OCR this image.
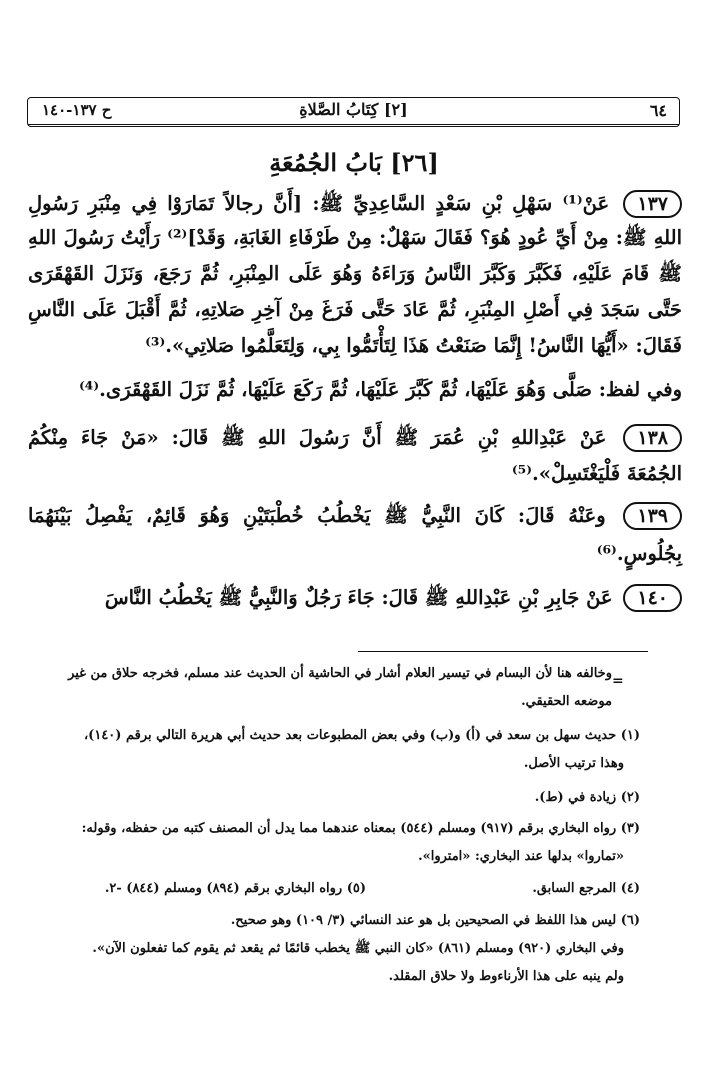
٦٤
[٢] كِتَابُ الصَّلاةِ
ح ١٣٧-١٤٠
[٢٦] بَابُ الجُمُعَةِ
١٣٧ عَنْ⁽¹⁾ سَهْلِ بْنِ سَعْدٍ السَّاعِدِيِّ ﷺ: [أَنَّ رجالاً تَمَارَوْا فِي مِنْبَرِ رَسُولِ
اللهِ ﷺ: مِنْ أَيِّ عُودٍ هُوَ؟ فَقَالَ سَهْلٌ: مِنْ طَرْفَاءِ الغَابَةِ، وَقَدْ]⁽²⁾ رَأَيْتُ رَسُولَ اللهِ
ﷺ قَامَ عَلَيْهِ، فَكَبَّرَ وَكَبَّرَ النَّاسُ وَرَاءَهُ وَهُوَ عَلَى المِنْبَرِ، ثُمَّ رَجَعَ، وَنَزَلَ القَهْقَرَى
حَتَّى سَجَدَ فِي أَصْلِ المِنْبَرِ، ثُمَّ عَادَ حَتَّى فَرَغَ مِنْ آخِرِ صَلاتِهِ، ثُمَّ أَقْبَلَ عَلَى النَّاسِ
فَقَالَ: «أَيُّهَا النَّاسُ! إِنَّمَا صَنَعْتُ هَذَا لِتَأْتَمُّوا بِي، وَلِتَعَلَّمُوا صَلاتِي».⁽³⁾
وفي لفظ: صَلَّى وَهُوَ عَلَيْهَا، ثُمَّ كَبَّرَ عَلَيْهَا، ثُمَّ رَكَعَ عَلَيْهَا، ثُمَّ نَزَلَ القَهْقَرَى.⁽⁴⁾
١٣٨ عَنْ عَبْدِاللهِ بْنِ عُمَرَ ﷺ أَنَّ رَسُولَ اللهِ ﷺ قَالَ: «مَنْ جَاءَ مِنْكُمُ
الجُمُعَةَ فَلْيَغْتَسِلْ».⁽⁵⁾
١٣٩ وعَنْهُ قَالَ: كَانَ النَّبِيُّ ﷺ يَخْطُبُ خُطْبَتَيْنِ وَهُوَ قَائِمٌ، يَفْصِلُ بَيْنَهُمَا
بِجُلُوسٍ.⁽⁶⁾
١٤٠ عَنْ جَابِرِ بْنِ عَبْدِاللهِ ﷺ قَالَ: جَاءَ رَجُلٌ وَالنَّبِيُّ ﷺ يَخْطُبُ النَّاسَ
=
وخالفه هنا لأن البسام في تيسير العلام أشار في الحاشية أن الحديث عند مسلم، فخرجه حلاق من غير
موضعه الحقيقي.
(١) حديث سهل بن سعد في (أ) و(ب) وفي بعض المطبوعات بعد حديث أبي هريرة التالي برقم (١٤٠)،
وهذا ترتيب الأصل.
(٢) زيادة في (ط).
(٣) رواه البخاري برقم (٩١٧) ومسلم (٥٤٤) بمعناه عندهما مما يدل أن المصنف كتبه من حفظه، وقوله:
«تماروا» بدلها عند البخاري: «امتروا».
(٤) المرجع السابق.
(٥) رواه البخاري برقم (٨٩٤) ومسلم (٨٤٤) -٢.
(٦) ليس هذا اللفظ في الصحيحين بل هو عند النسائي (٣/ ١٠٩) وهو صحيح.
وفي البخاري (٩٢٠) ومسلم (٨٦١) «كان النبي ﷺ يخطب قائمًا ثم يقعد ثم يقوم كما تفعلون الآن».
ولم ينبه على هذا الأرناءوط ولا حلاق المقلد.
